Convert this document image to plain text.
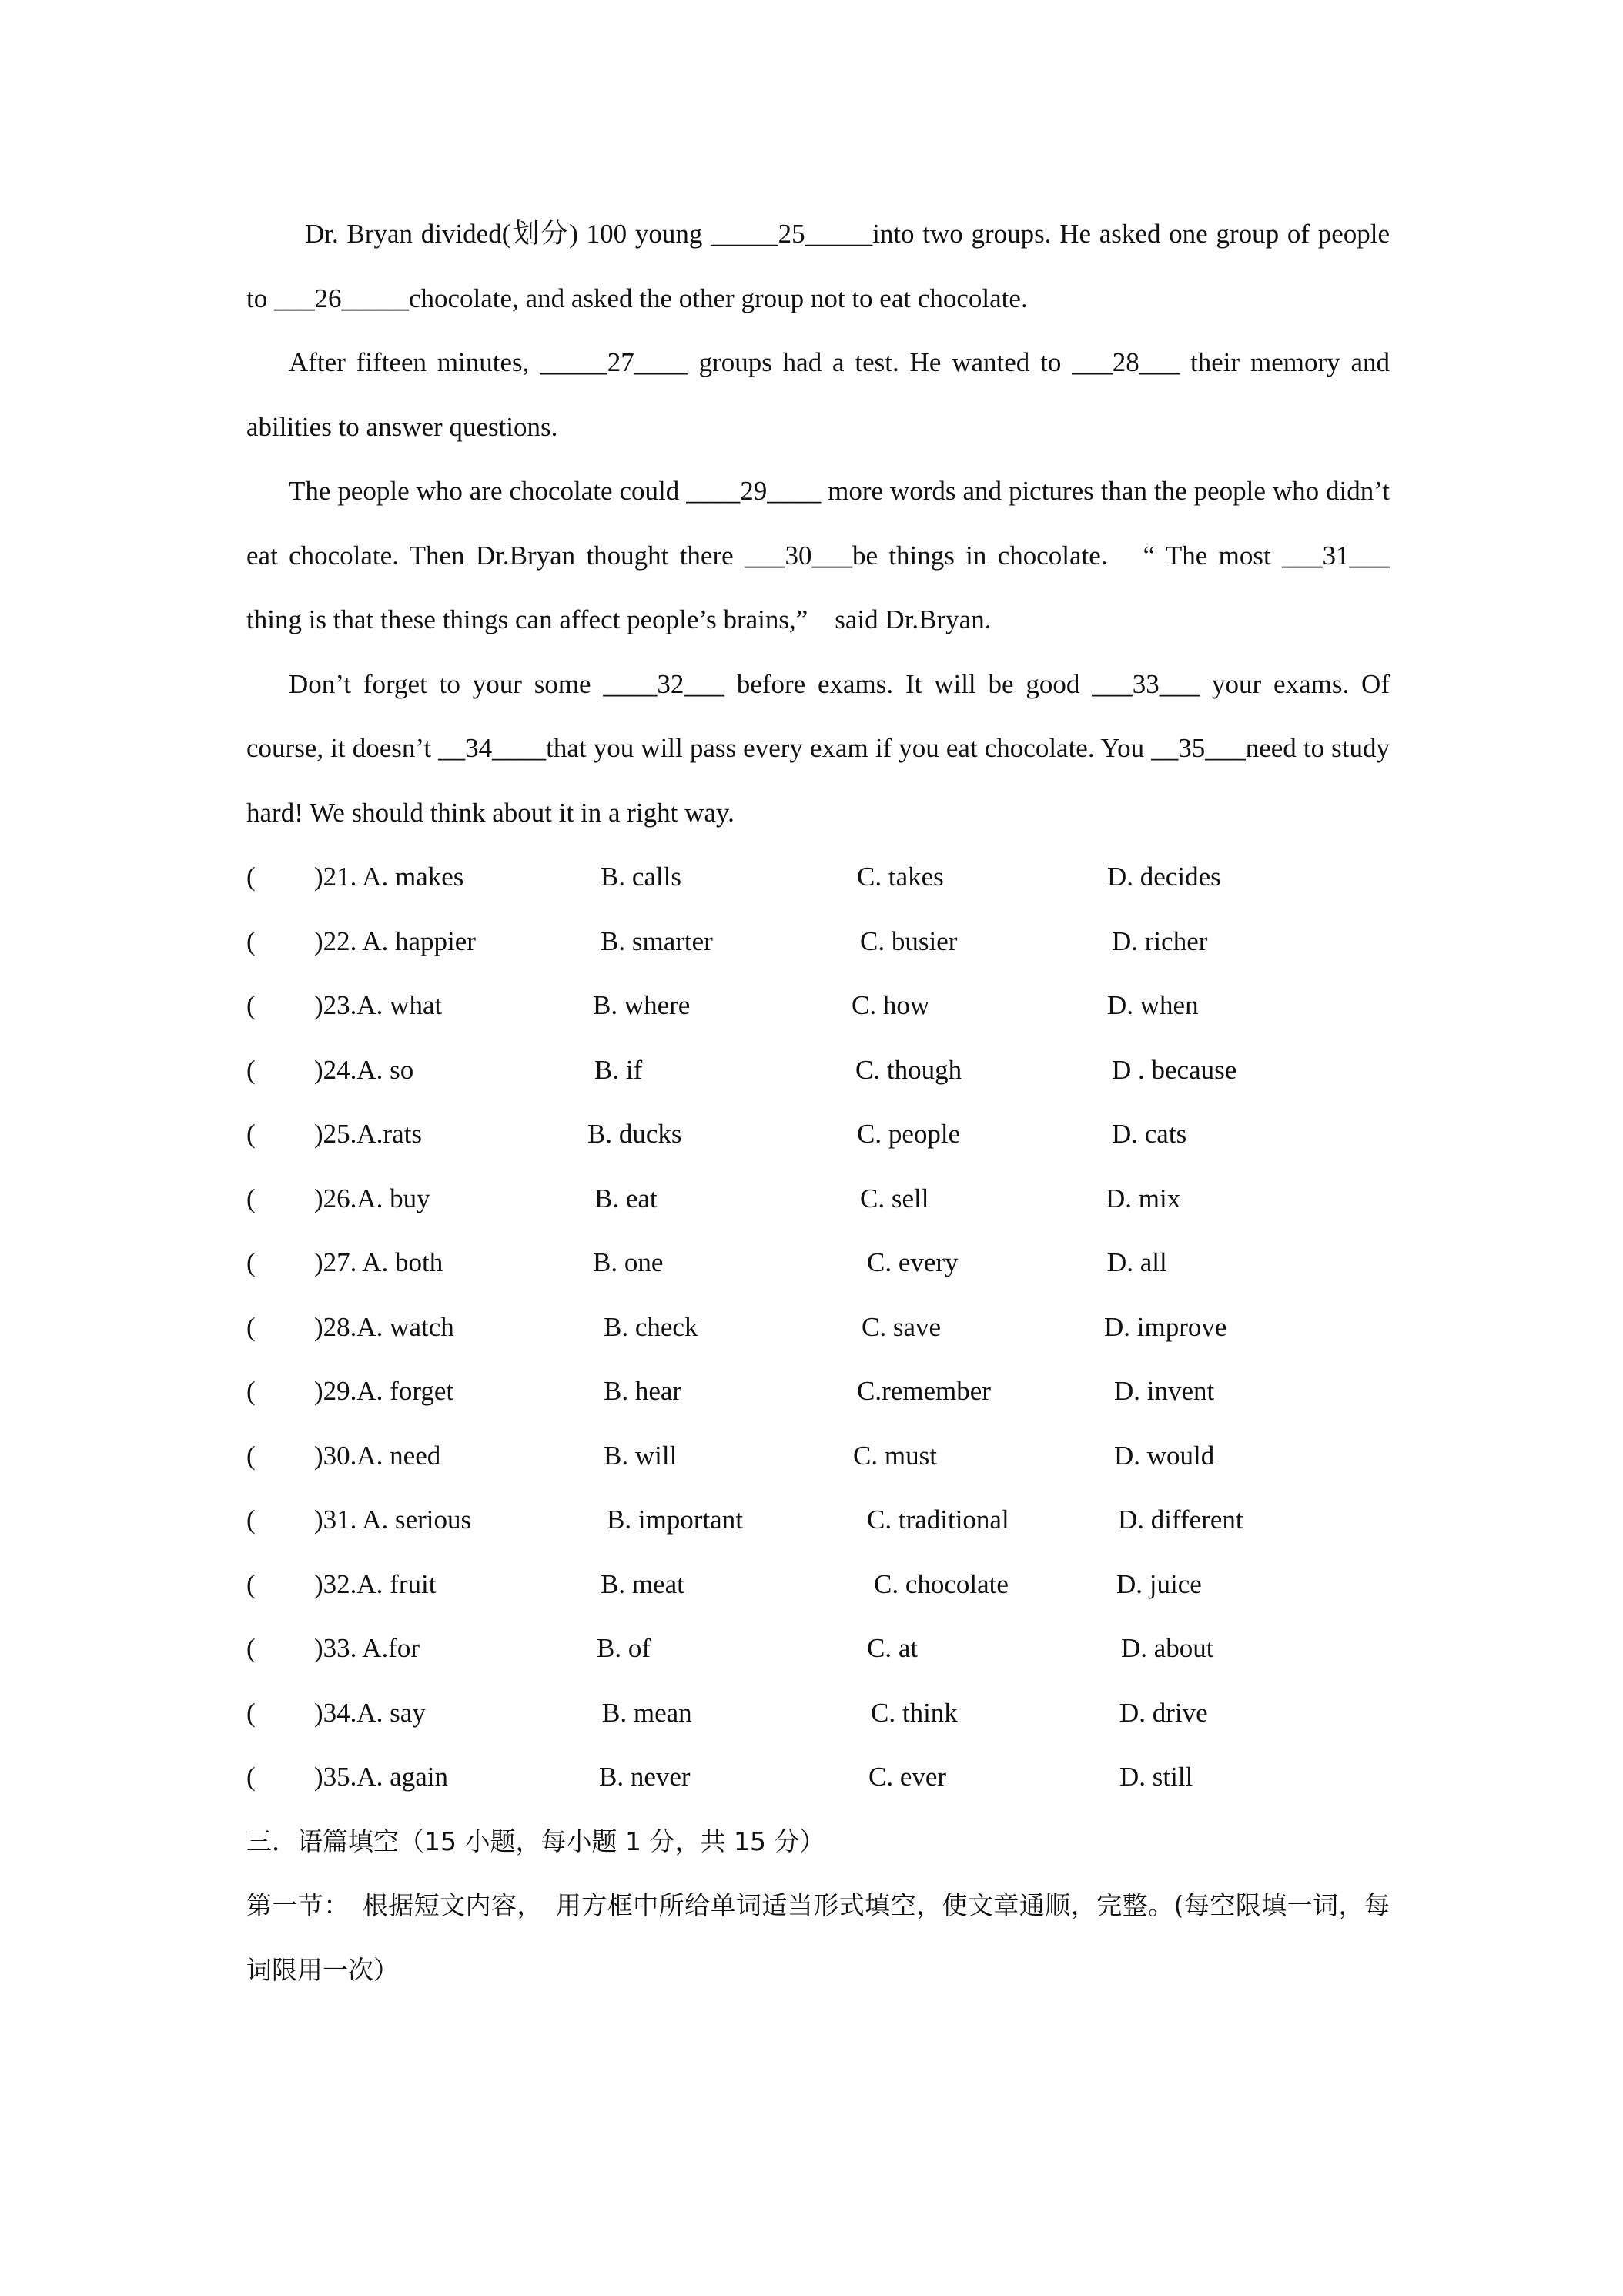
Dr. Bryan divided(划分) 100 young _____25_____into two groups. He asked one group of people to ___26_____chocolate, and asked the other group not to eat chocolate.

After fifteen minutes, _____27____ groups had a test. He wanted to ___28___ their memory and abilities to answer questions.

The people who are chocolate could ____29____ more words and pictures than the people who didn’t eat chocolate. Then Dr.Bryan thought there ___30___be things in chocolate.　“ The most ___31___ thing is that these things can affect people’s brains,”　said Dr.Bryan.

Don’t forget to your some ____32___ before exams. It will be good ___33___ your exams. Of course, it doesn’t __34____that you will pass every exam if you eat chocolate. You __35___need to study hard! We should think about it in a right way.

( )21. A. makes	B. calls	C. takes	D. decides
( )22. A. happier	B. smarter	C. busier	D. richer
( )23.A. what	B. where	C. how	D. when
( )24.A. so	B. if	C. though	D . because
( )25.A.rats	B. ducks	C. people	D. cats
( )26.A. buy	B. eat	C. sell	D. mix
( )27. A. both	B. one	C. every	D. all
( )28.A. watch	B. check	C. save	D. improve
( )29.A. forget	B. hear	C.remember	D. invent
( )30.A. need	B. will	C. must	D. would
( )31. A. serious	B. important	C. traditional	D. different
( )32.A. fruit	B. meat	C. chocolate	D. juice
( )33. A.for	B. of	C. at	D. about
( )34.A. say	B. mean	C. think	D. drive
( )35.A. again	B. never	C. ever	D. still

三．语篇填空（15 小题，每小题 1 分，共 15 分）

第一节：　根据短文内容，　用方框中所给单词适当形式填空，使文章通顺，完整。(每空限填一词，每词限用一次）
